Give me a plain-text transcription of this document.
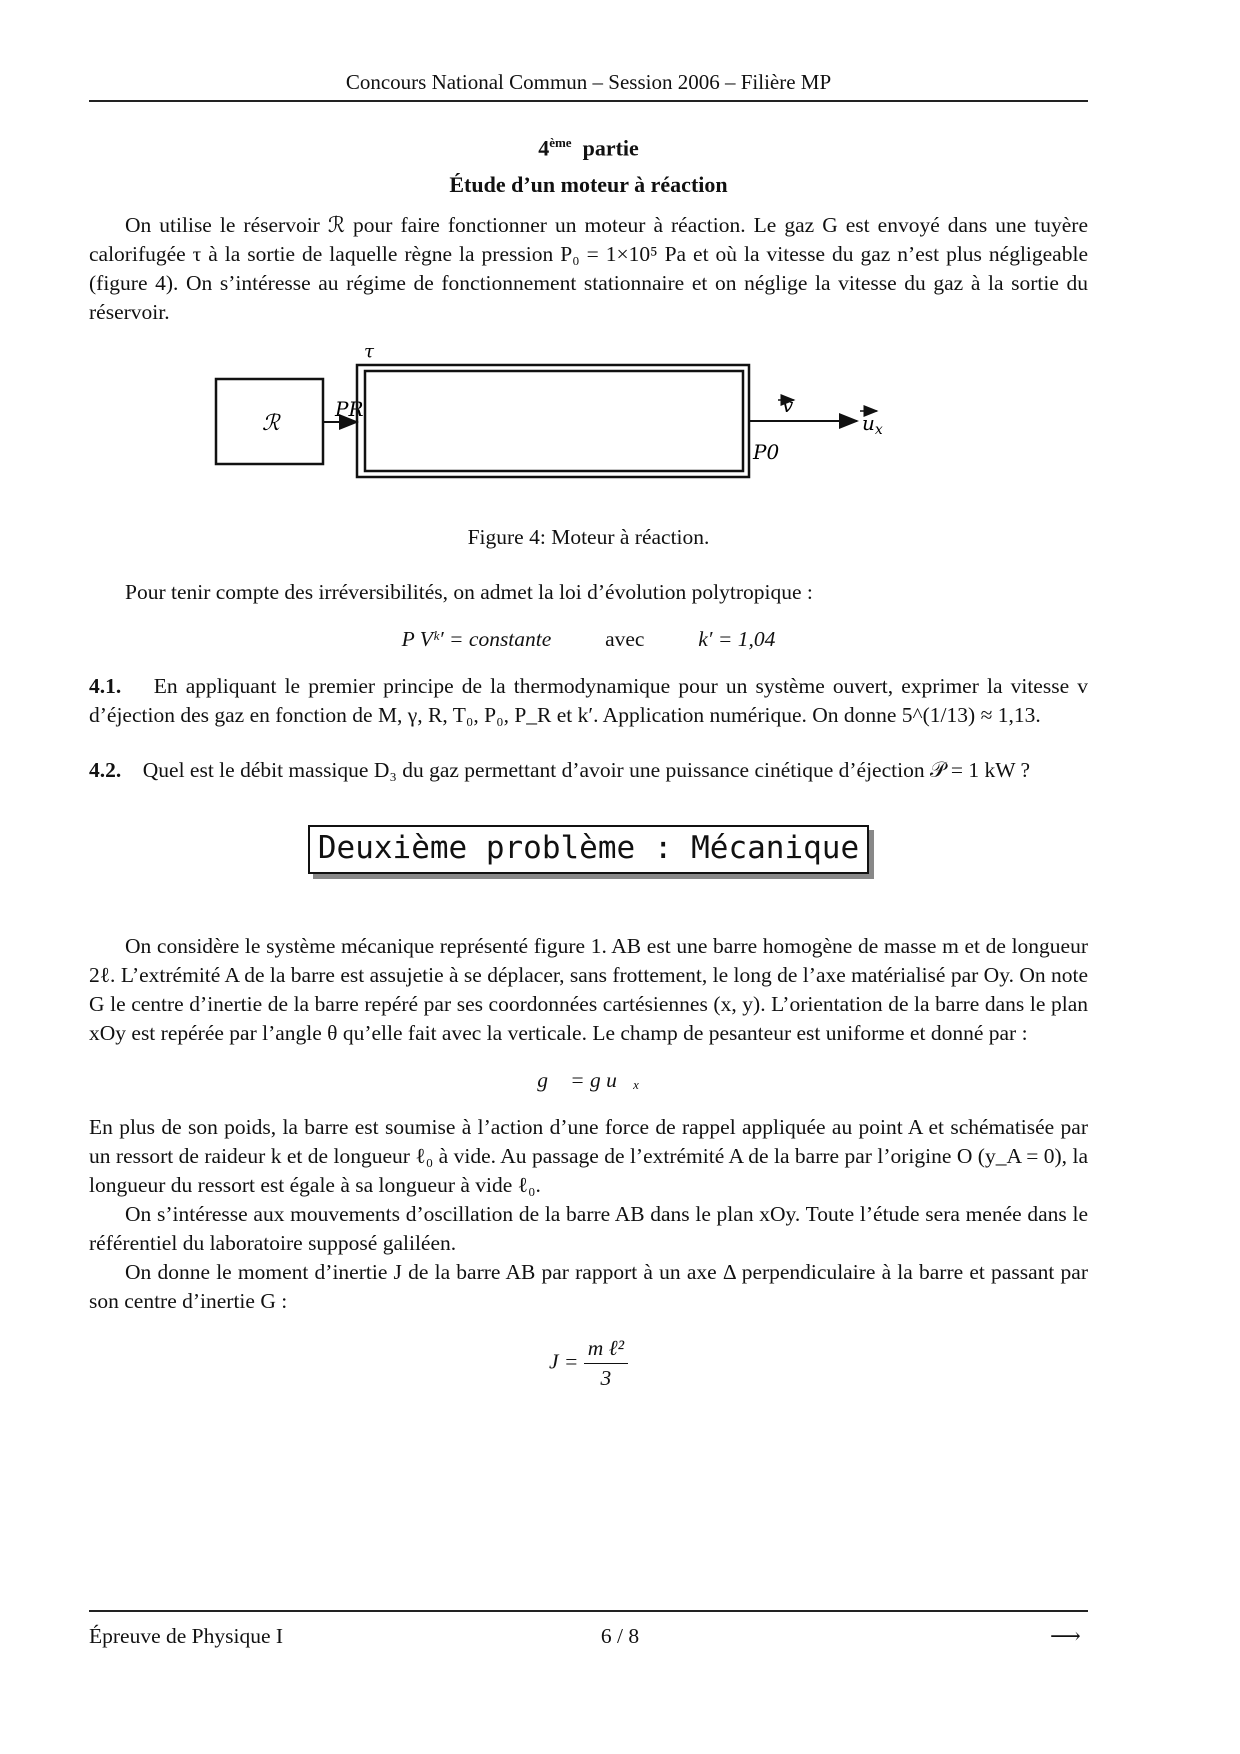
Concours National Commun – Session 2006 – Filière MP
4ème partie
Étude d’un moteur à réaction

On utilise le réservoir ℛ pour faire fonctionner un moteur à réaction. Le gaz G est envoyé dans une tuyère calorifugée τ à la sortie de laquelle règne la pression P₀ = 1×10⁵ Pa et où la vitesse du gaz n’est plus négligeable (figure 4). On s’intéresse au régime de fonctionnement stationnaire et on néglige la vitesse du gaz à la sortie du réservoir.

ℛ
PR
τ
v
$u_x$
P0
Figure 4: Moteur à réaction.

Pour tenir compte des irréversibilités, on admet la loi d’évolution polytropique :

P Vᵏ′ = constante	avec	k′ = 1,04

4.1. En appliquant le premier principe de la thermodynamique pour un système ouvert, exprimer la vitesse v d’éjection des gaz en fonction de M, γ, R, T₀, P₀, P_R et k′. Application numérique. On donne 5^(1/13) ≈ 1,13.

4.2. Quel est le débit massique D₃ du gaz permettant d’avoir une puissance cinétique d’éjection 𝒫 = 1 kW ?

Deuxième problème : Mécanique

On considère le système mécanique représenté figure 1. AB est une barre homogène de masse m et de longueur 2ℓ. L’extrémité A de la barre est assujetie à se déplacer, sans frottement, le long de l’axe matérialisé par Oy. On note G le centre d’inertie de la barre repéré par ses coordonnées cartésiennes (x, y). L’orientation de la barre dans le plan xOy est repérée par l’angle θ qu’elle fait avec la verticale. Le champ de pesanteur est uniforme et donné par :

g⃗ = g u⃗ₓ

En plus de son poids, la barre est soumise à l’action d’une force de rappel appliquée au point A et schématisée par un ressort de raideur k et de longueur ℓ₀ à vide. Au passage de l’extrémité A de la barre par l’origine O (y_A = 0), la longueur du ressort est égale à sa longueur à vide ℓ₀.

On s’intéresse aux mouvements d’oscillation de la barre AB dans le plan xOy. Toute l’étude sera menée dans le référentiel du laboratoire supposé galiléen.

On donne le moment d’inertie J de la barre AB par rapport à un axe Δ perpendiculaire à la barre et passant par son centre d’inertie G :

$J = \frac{\text{m ℓ²}}{3}$

Épreuve de Physique I	6 / 8	⟶
